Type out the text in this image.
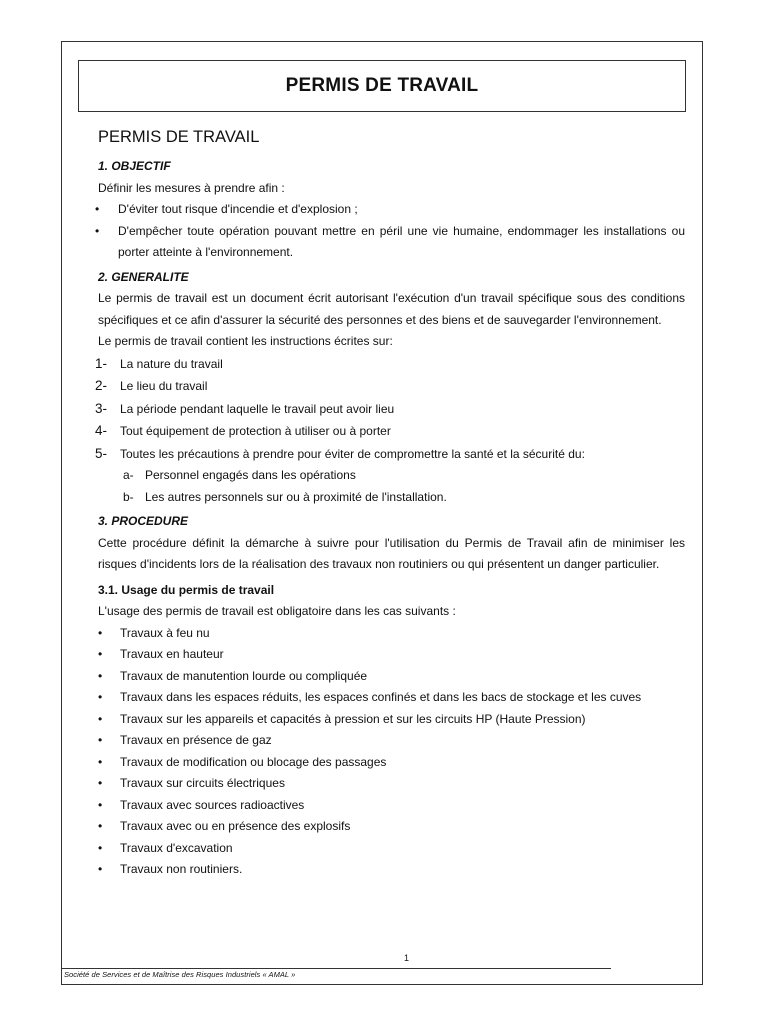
PERMIS DE TRAVAIL
PERMIS DE TRAVAIL
1. OBJECTIF

Définir les mesures à prendre afin :

• D'éviter tout risque d'incendie et d'explosion ;
• D'empêcher toute opération pouvant mettre en péril une vie humaine, endommager les installations ou porter atteinte à l'environnement.
2. GENERALITE

Le permis de travail est un document écrit autorisant l'exécution d'un travail spécifique sous des conditions spécifiques et ce afin d'assurer la sécurité des personnes et des biens et de sauvegarder l'environnement.

Le permis de travail contient les instructions écrites sur:

1-	La nature du travail
2-	Le lieu du travail
3-	La période pendant laquelle le travail peut avoir lieu
4-	Tout équipement de protection à utiliser ou à porter
5-	Toutes les précautions à prendre pour éviter de compromettre la santé et la sécurité du:
a- Personnel engagés dans les opérations
b- Les autres personnels sur ou à proximité de l'installation.
3. PROCEDURE

Cette procédure définit la démarche à suivre pour l'utilisation du Permis de Travail afin de minimiser les risques d'incidents lors de la réalisation des travaux non routiniers ou qui présentent un danger particulier.

3.1. Usage du permis de travail

L'usage des permis de travail est obligatoire dans les cas suivants :

• Travaux à feu nu
• Travaux en hauteur
• Travaux de manutention lourde ou compliquée
• Travaux dans les espaces réduits, les espaces confinés et dans les bacs de stockage et les cuves
• Travaux sur les appareils et capacités à pression et sur les circuits HP (Haute Pression)
• Travaux en présence de gaz
• Travaux de modification ou blocage des passages
• Travaux sur circuits électriques
• Travaux avec sources radioactives
• Travaux avec ou en présence des explosifs
• Travaux d'excavation
• Travaux non routiniers.
1
Société de Services et de Maîtrise des Risques Industriels « AMAL »
